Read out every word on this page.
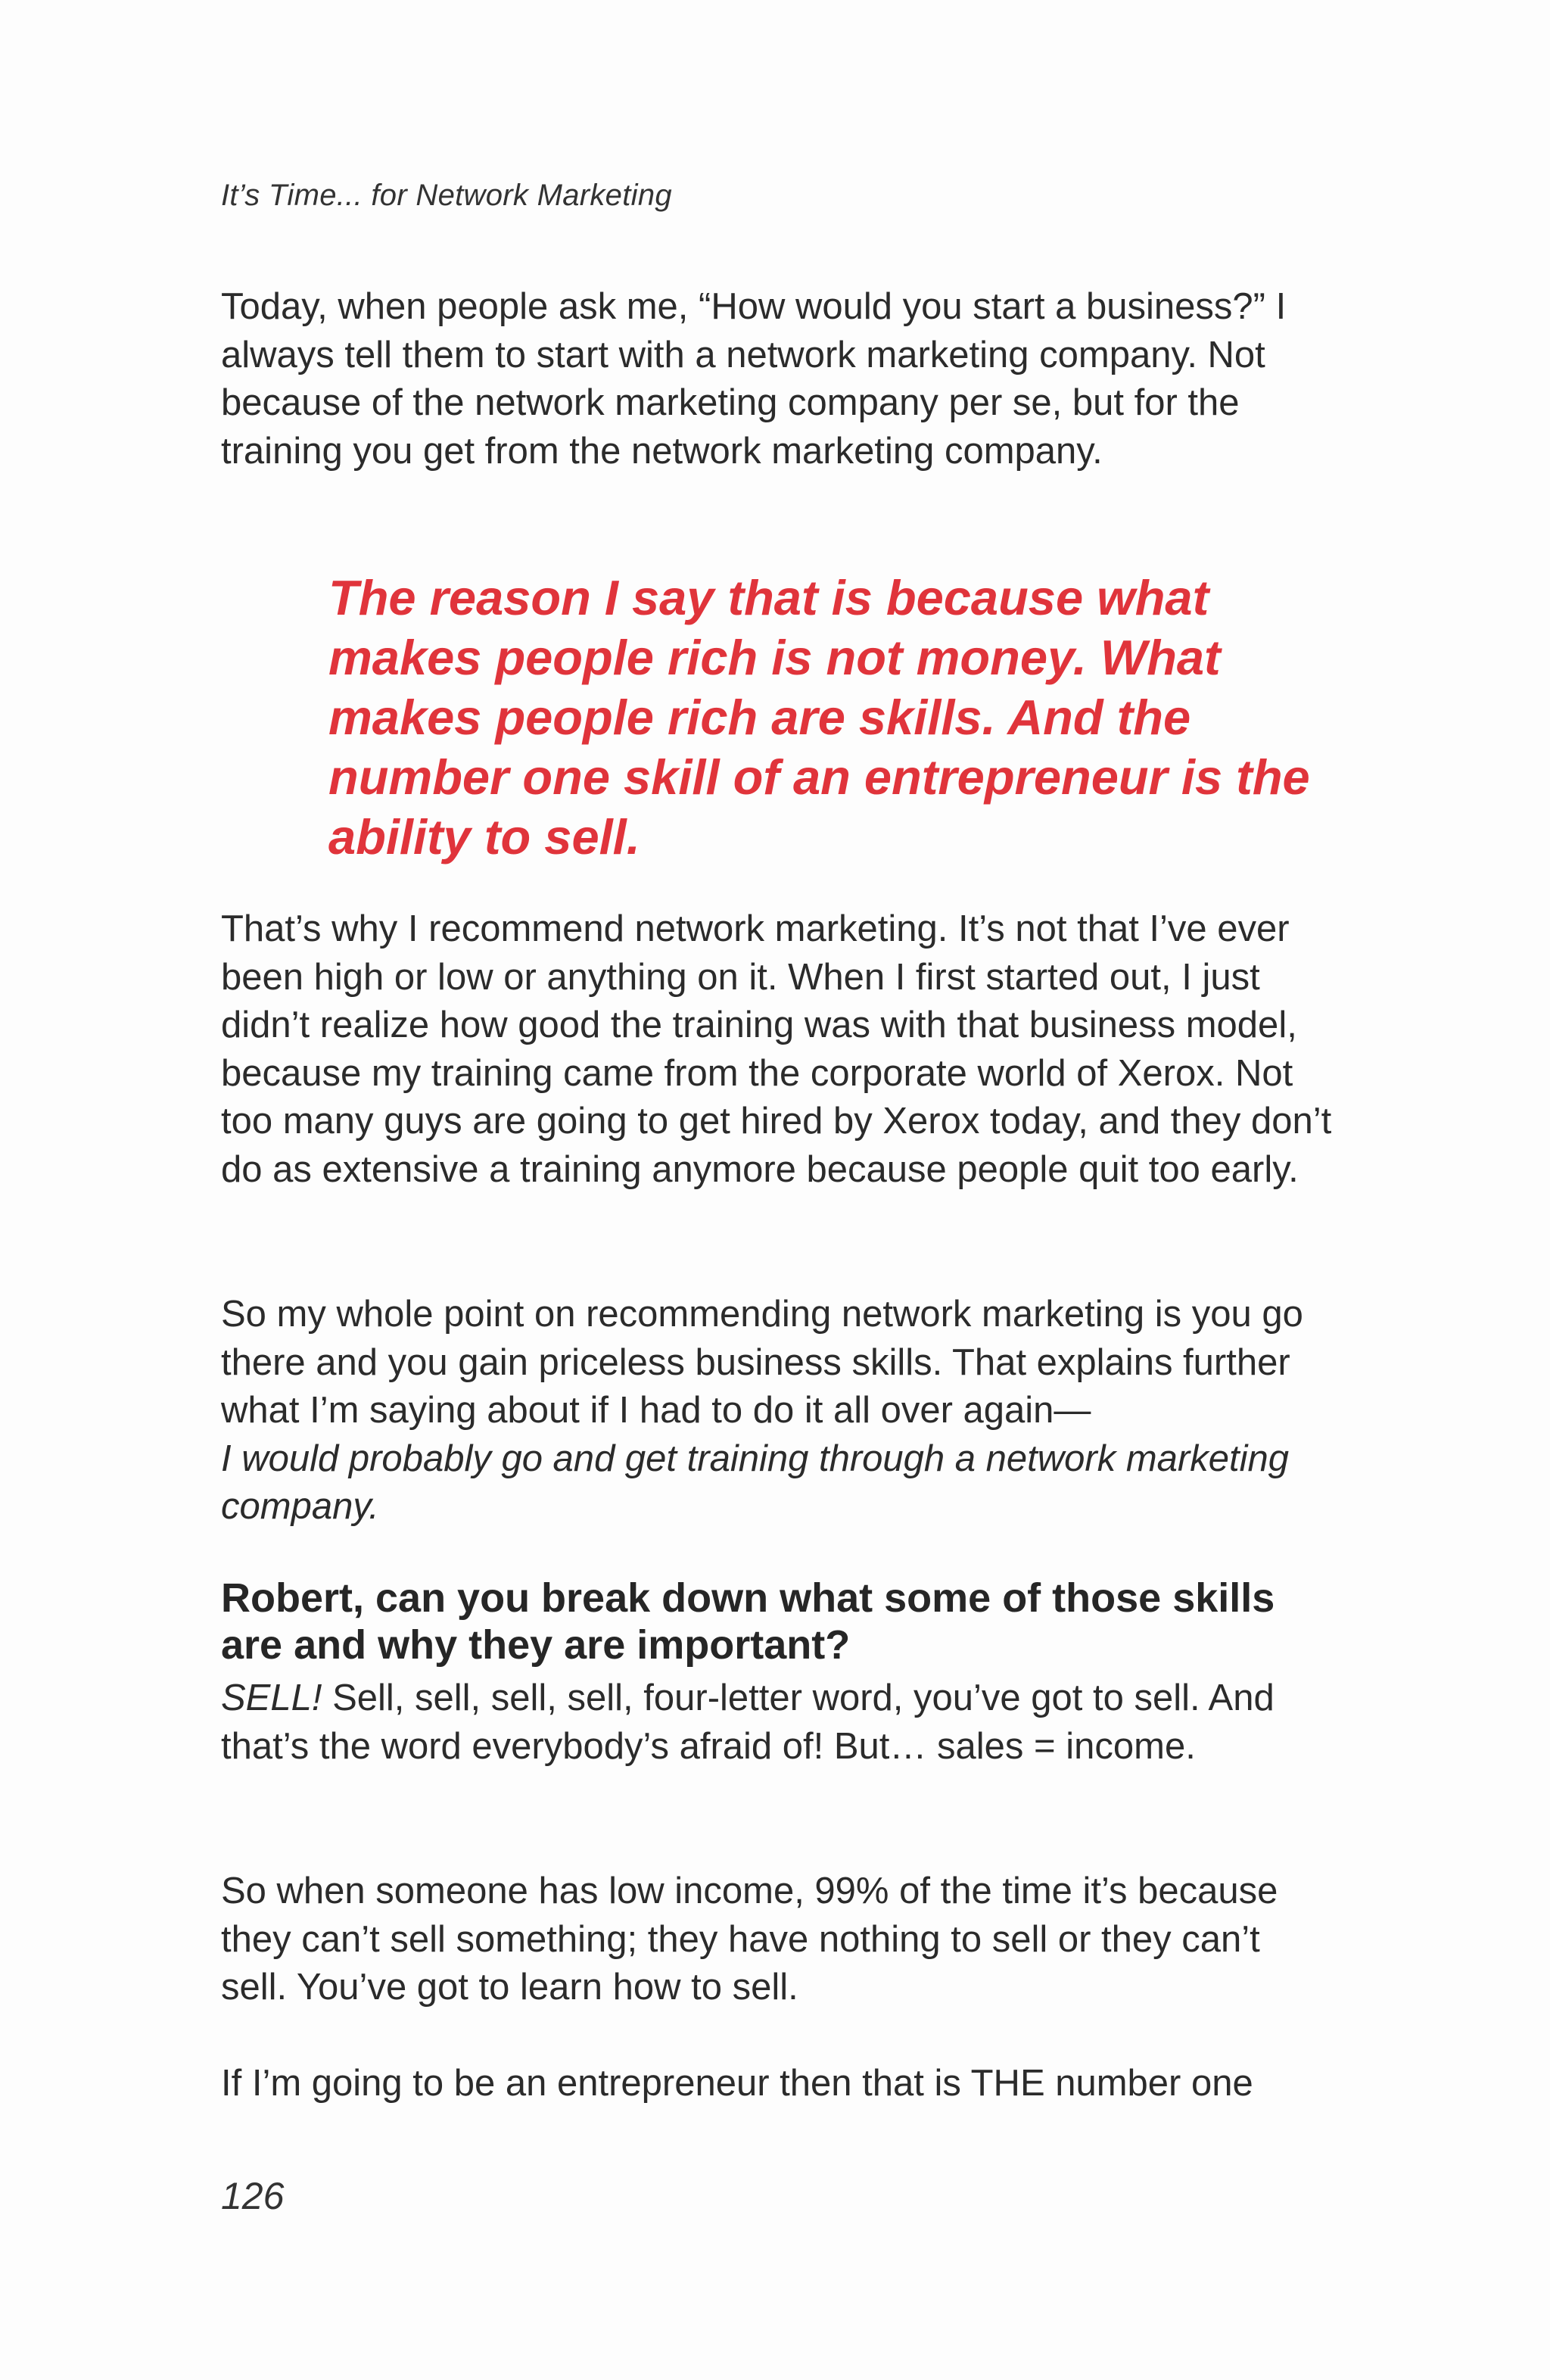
It’s Time... for Network Marketing

Today, when people ask me, “How would you start a business?” I always tell them to start with a network marketing company. Not because of the network marketing company per se, but for the training you get from the network marketing company.

The reason I say that is because what makes people rich is not money. What makes people rich are skills. And the number one skill of an entrepreneur is the ability to sell.

That’s why I recommend network marketing. It’s not that I’ve ever been high or low or anything on it. When I first started out, I just didn’t realize how good the training was with that business model, because my training came from the corporate world of Xerox. Not too many guys are going to get hired by Xerox today, and they don’t do as extensive a training anymore because people quit too early.

So my whole point on recommending network marketing is you go there and you gain priceless business skills. That explains further what I’m saying about if I had to do it all over again—
I would probably go and get training through a network marketing company.

Robert, can you break down what some of those skills are and why they are important?

SELL! Sell, sell, sell, sell, four-letter word, you’ve got to sell. And that’s the word everybody’s afraid of! But… sales = income.

So when someone has low income, 99% of the time it’s because they can’t sell something; they have nothing to sell or they can’t sell. You’ve got to learn how to sell.

If I’m going to be an entrepreneur then that is THE number one

126
